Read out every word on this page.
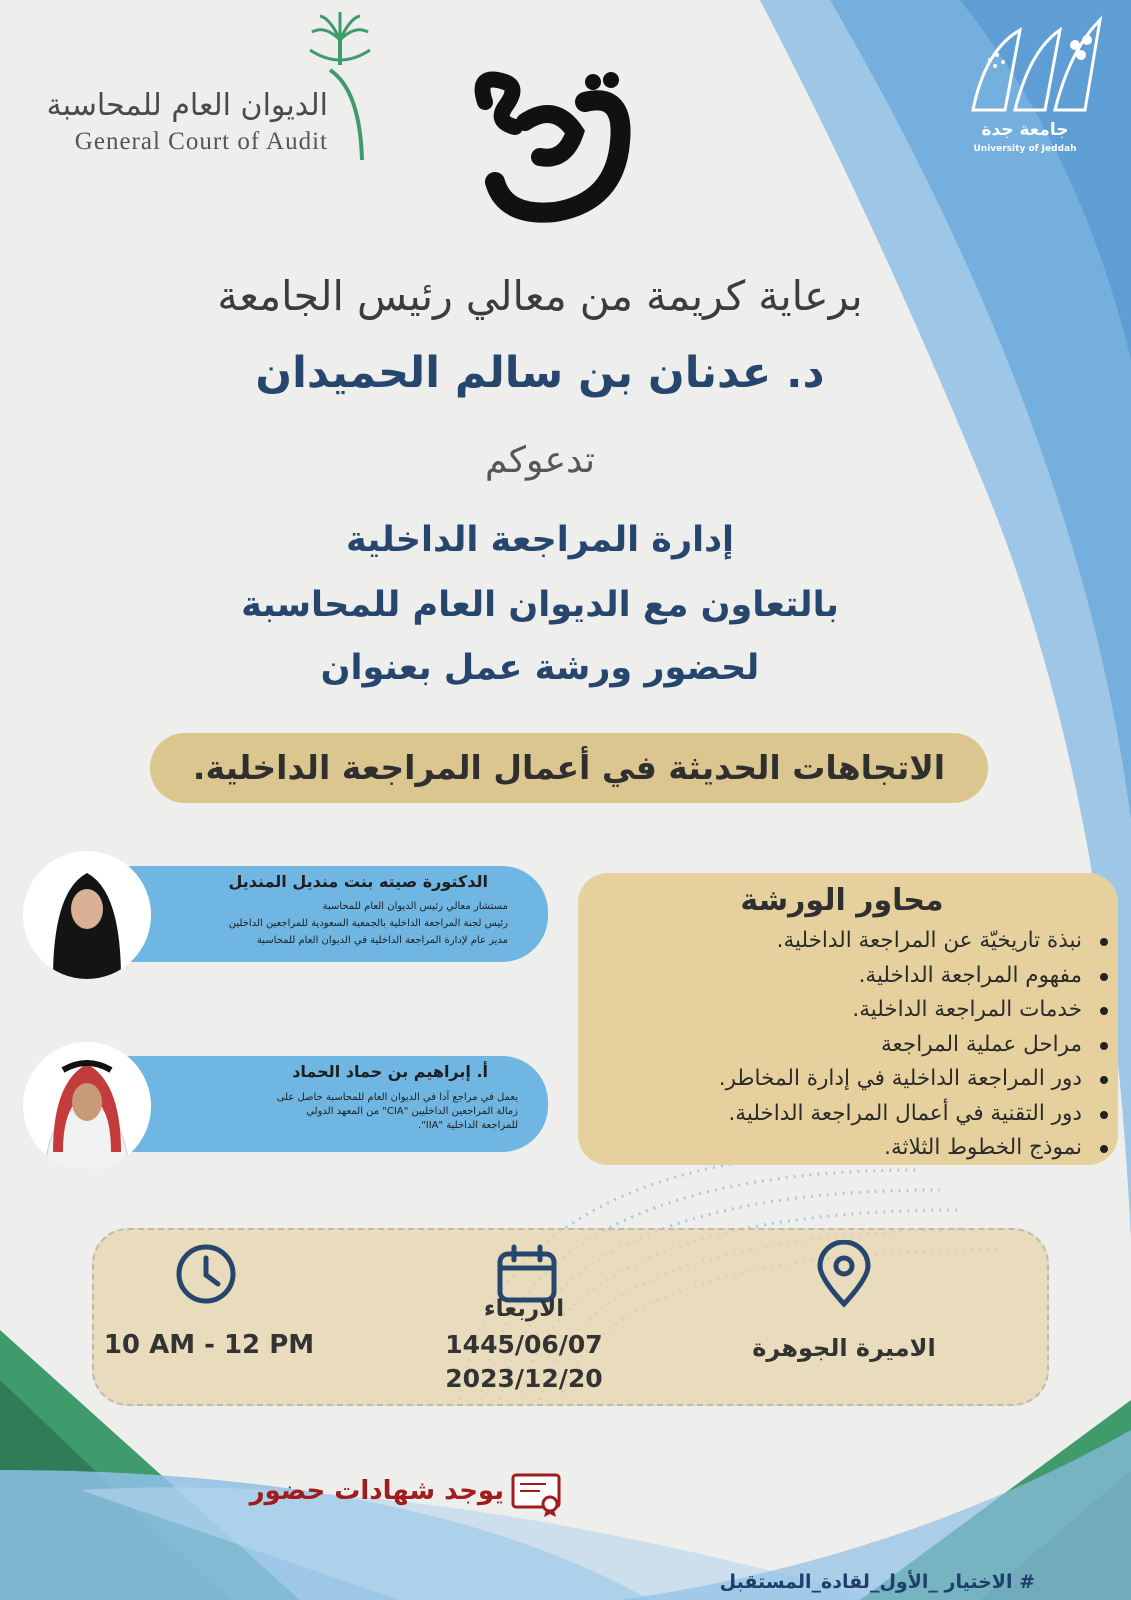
الديوان العام للمحاسبة
General Court of Audit	جامعة جدة
University of Jeddah
برعاية كريمة من معالي رئيس الجامعة
د. عدنان بن سالم الحميدان
تدعوكم
إدارة المراجعة الداخلية
بالتعاون مع الديوان العام للمحاسبة
لحضور ورشة عمل بعنوان
الاتجاهات الحديثة في أعمال المراجعة الداخلية.
محاور الورشة
نبذة تاريخيّة عن المراجعة الداخلية.
مفهوم المراجعة الداخلية.
خدمات المراجعة الداخلية.
مراحل عملية المراجعة
دور المراجعة الداخلية في إدارة المخاطر.
دور التقنية في أعمال المراجعة الداخلية.
نموذج الخطوط الثلاثة.
الدكتورة صيته بنت منديل المنديل
مستشار معالي رئيس الديوان العام للمحاسبة
رئيس لجنة المراجعة الداخلية بالجمعية السعودية للمراجعين الداخلين
مدير عام لإدارة المراجعة الداخلية في الديوان العام للمحاسبة
أ. إبراهيم بن حماد الحماد
يعمل في مراجع آدا في الديوان العام للمحاسبة حاصل على
زمالة المراجعين الداخليين "CIA" من المعهد الدولي
للمراجعة الداخلية "IIA".
10 AM - 12 PM
الاربعاء
1445/06/07
2023/12/20
الاميرة الجوهرة
يوجد شهادات حضور
# الاختيار _الأول_لقادة_المستقبل
